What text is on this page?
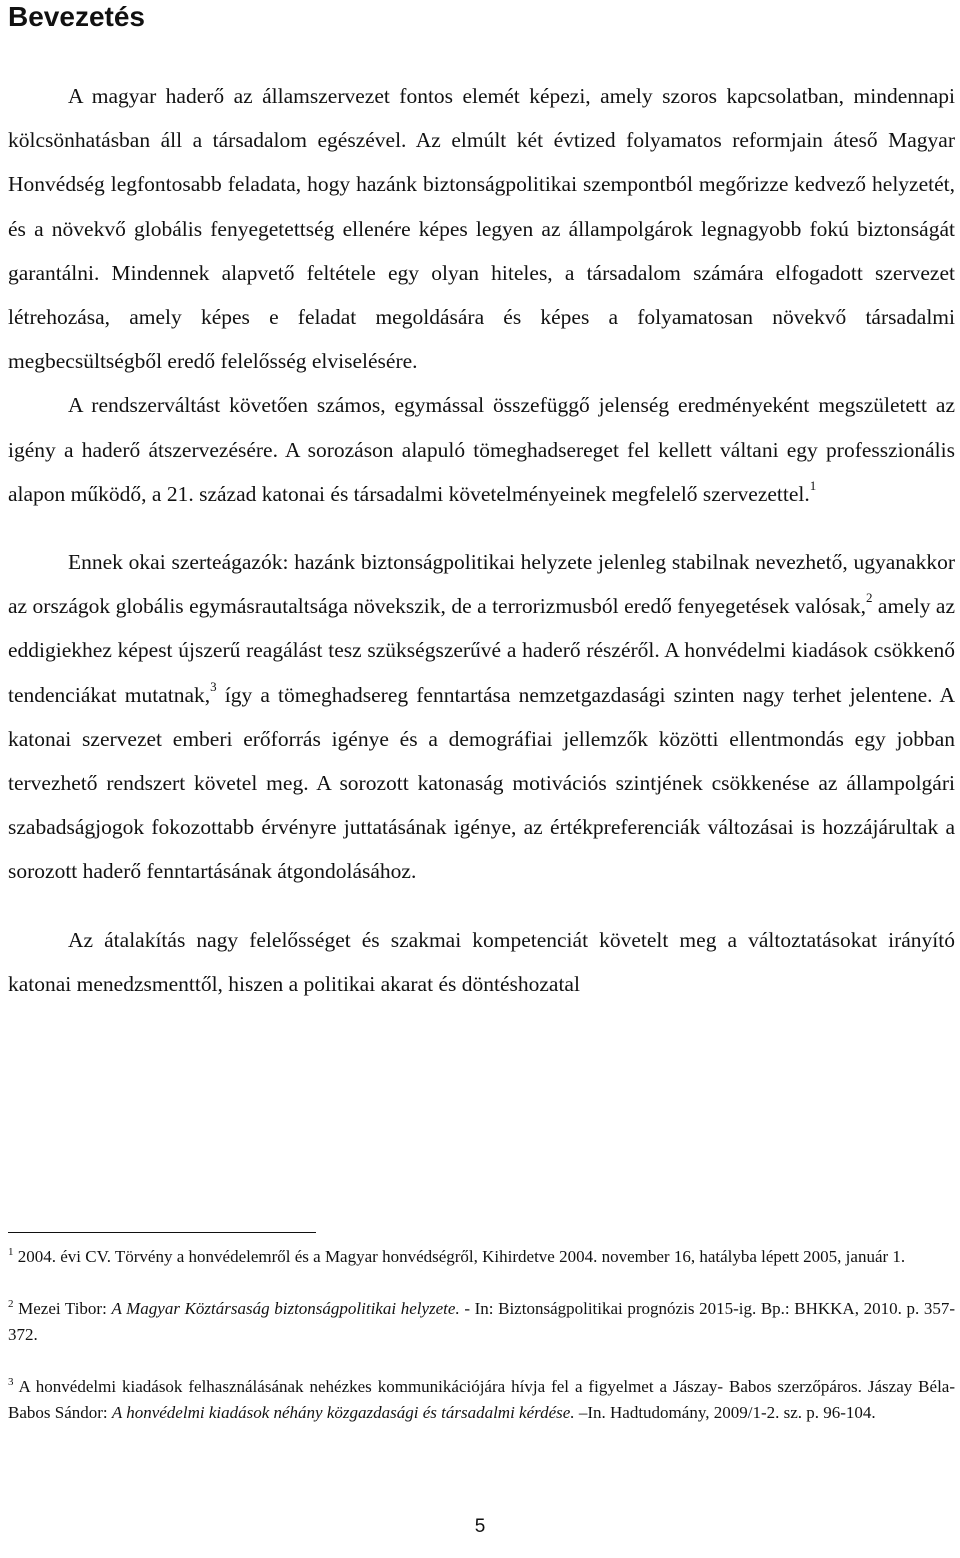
Bevezetés

A magyar haderő az államszervezet fontos elemét képezi, amely szoros kapcsolatban, mindennapi kölcsönhatásban áll a társadalom egészével. Az elmúlt két évtized folyamatos reformjain áteső Magyar Honvédség legfontosabb feladata, hogy hazánk biztonságpolitikai szempontból megőrizze kedvező helyzetét, és a növekvő globális fenyegetettség ellenére képes legyen az állampolgárok legnagyobb fokú biztonságát garantálni. Mindennek alapvető feltétele egy olyan hiteles, a társadalom számára elfogadott szervezet létrehozása, amely képes e feladat megoldására és képes a folyamatosan növekvő társadalmi megbecsültségből eredő felelősség elviselésére.

A rendszerváltást követően számos, egymással összefüggő jelenség eredményeként megszületett az igény a haderő átszervezésére. A sorozáson alapuló tömeghadsereget fel kellett váltani egy professzionális alapon működő, a 21. század katonai és társadalmi követelményeinek megfelelő szervezettel.$^1$

Ennek okai szerteágazók: hazánk biztonságpolitikai helyzete jelenleg stabilnak nevezhető, ugyanakkor az országok globális egymásrautaltsága növekszik, de a terrorizmusból eredő fenyegetések valósak,$^2$ amely az eddigiekhez képest újszerű reagálást tesz szükségszerűvé a haderő részéről. A honvédelmi kiadások csökkenő tendenciákat mutatnak,$^3$ így a tömeghadsereg fenntartása nemzetgazdasági szinten nagy terhet jelentene. A katonai szervezet emberi erőforrás igénye és a demográfiai jellemzők közötti ellentmondás egy jobban tervezhető rendszert követel meg. A sorozott katonaság motivációs szintjének csökkenése az állampolgári szabadságjogok fokozottabb érvényre juttatásának igénye, az értékpreferenciák változásai is hozzájárultak a sorozott haderő fenntartásának átgondolásához.

Az átalakítás nagy felelősséget és szakmai kompetenciát követelt meg a változtatásokat irányító katonai menedzsmenttől, hiszen a politikai akarat és döntéshozatal

$^1$ 2004. évi CV. Törvény a honvédelemről és a Magyar honvédségről, Kihirdetve 2004. november 16, hatályba lépett 2005, január 1.

$^2$ Mezei Tibor: A Magyar Köztársaság biztonságpolitikai helyzete. - In: Biztonságpolitikai prognózis 2015-ig. Bp.: BHKKA, 2010. p. 357-372.

$^3$ A honvédelmi kiadások felhasználásának nehézkes kommunikációjára hívja fel a figyelmet a Jászay- Babos szerzőpáros. Jászay Béla- Babos Sándor: A honvédelmi kiadások néhány közgazdasági és társadalmi kérdése. –In. Hadtudomány, 2009/1-2. sz. p. 96-104.

5
